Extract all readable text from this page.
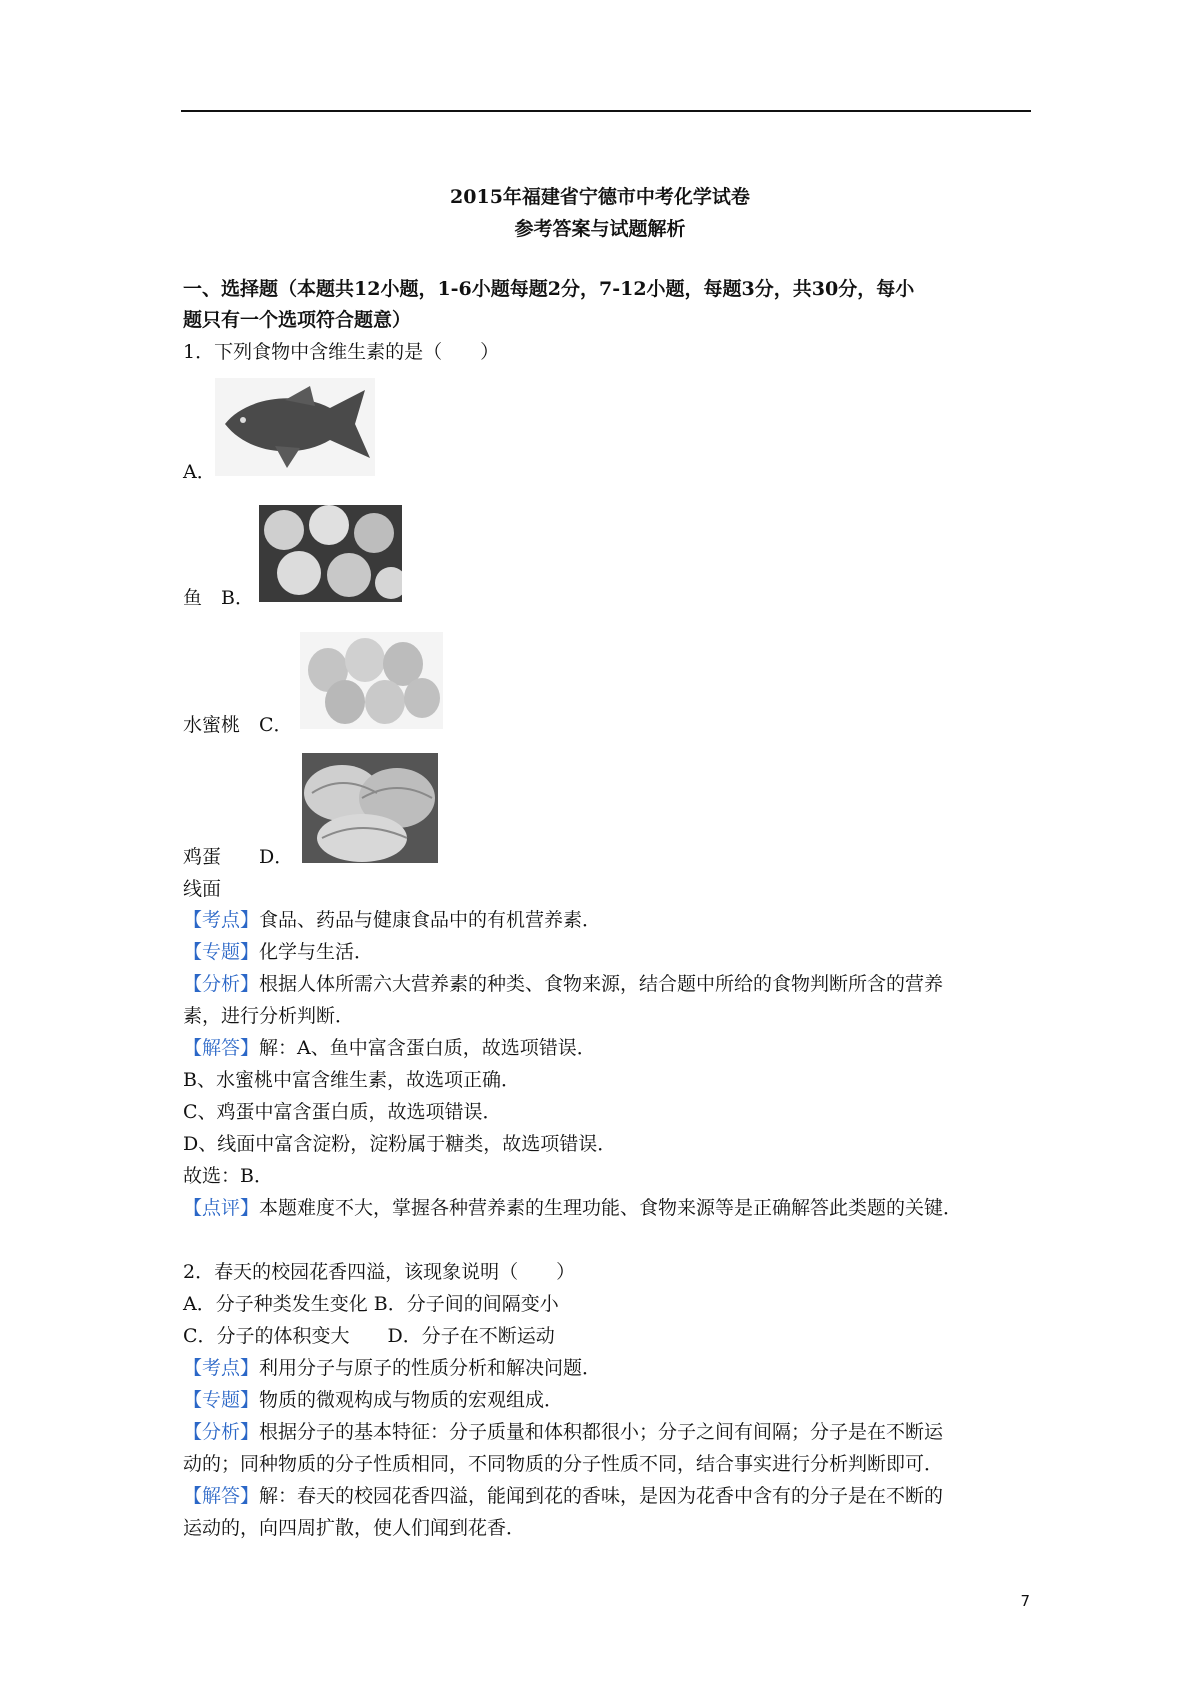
2015年福建省宁德市中考化学试卷
参考答案与试题解析
一、选择题（本题共12小题，1-6小题每题2分，7-12小题，每题3分，共30分，每小
题只有一个选项符合题意）
1．下列食物中含维生素的是（　　）
A．
鱼　B．
水蜜桃　C．
鸡蛋　　D．
线面
【考点】食品、药品与健康食品中的有机营养素．
【专题】化学与生活．
【分析】根据人体所需六大营养素的种类、食物来源，结合题中所给的食物判断所含的营养
素，进行分析判断．
【解答】解：A、鱼中富含蛋白质，故选项错误．
B、水蜜桃中富含维生素，故选项正确．
C、鸡蛋中富含蛋白质，故选项错误．
D、线面中富含淀粉，淀粉属于糖类，故选项错误．
故选：B．
【点评】本题难度不大，掌握各种营养素的生理功能、食物来源等是正确解答此类题的关键．
2．春天的校园花香四溢，该现象说明（　　）
A．分子种类发生变化 B．分子间的间隔变小
C．分子的体积变大　　D．分子在不断运动
【考点】利用分子与原子的性质分析和解决问题．
【专题】物质的微观构成与物质的宏观组成．
【分析】根据分子的基本特征：分子质量和体积都很小；分子之间有间隔；分子是在不断运
动的；同种物质的分子性质相同，不同物质的分子性质不同，结合事实进行分析判断即可．
【解答】解：春天的校园花香四溢，能闻到花的香味，是因为花香中含有的分子是在不断的
运动的，向四周扩散，使人们闻到花香．
7
